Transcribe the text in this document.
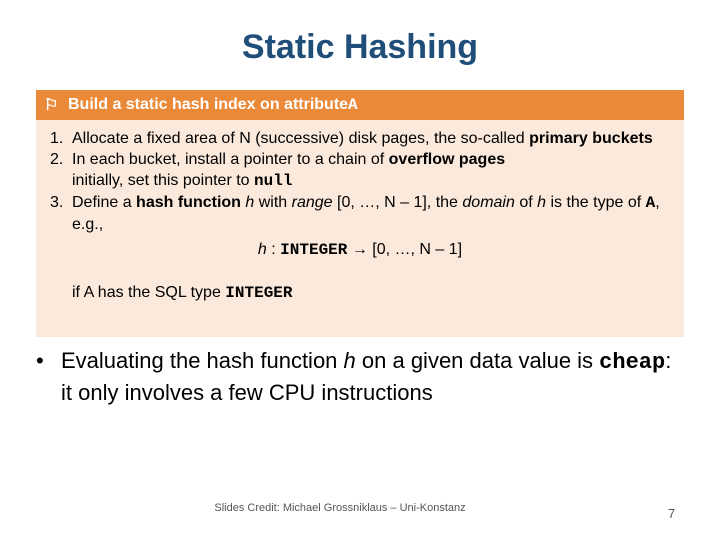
Static Hashing
⚐ Build a static hash index on attribute A
1. Allocate a fixed area of N (successive) disk pages, the so-called primary buckets
2. In each bucket, install a pointer to a chain of overflow pages
initially, set this pointer to null
3. Define a hash function h with range [0, …, N – 1], the domain of h is the type of A, e.g.,
h : INTEGER → [0, …, N – 1]
if A has the SQL type INTEGER
• Evaluating the hash function h on a given data value is cheap: it only involves a few CPU instructions
Slides Credit: Michael Grossniklaus – Uni-Konstanz	7
